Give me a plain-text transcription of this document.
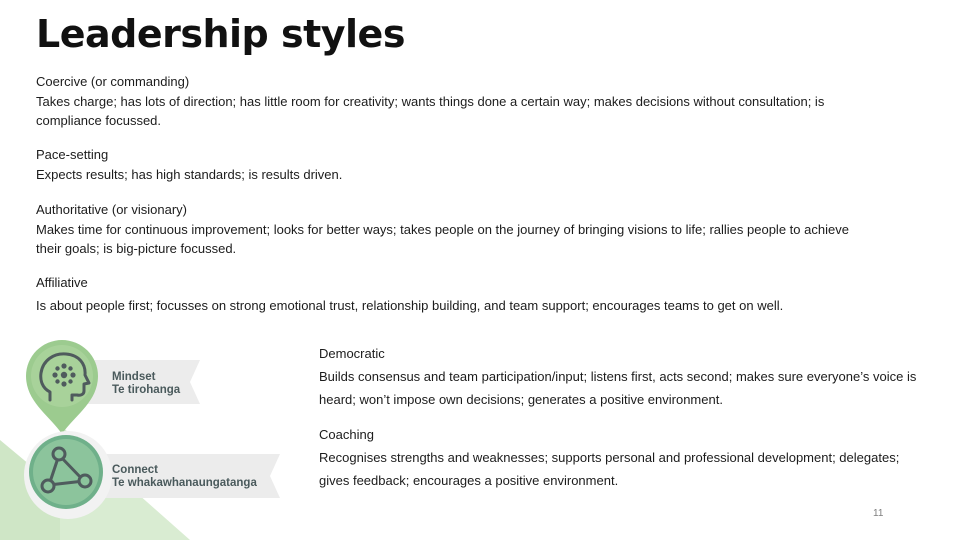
Leadership styles
Coercive (or commanding)
Takes charge; has lots of direction; has little room for creativity; wants things done a certain way; makes decisions without consultation; is compliance focussed.
Pace-setting
Expects results; has high standards; is results driven.
Authoritative (or visionary)
Makes time for continuous improvement; looks for better ways; takes people on the journey of bringing visions to life; rallies people to achieve their goals; is big-picture focussed.
Affiliative
Is about people first; focusses on strong emotional trust, relationship building, and team support; encourages teams to get on well.
Democratic
Builds consensus and team participation/input; listens first, acts second; makes sure everyone’s voice is heard; won’t impose own decisions; generates a positive environment.
Coaching
Recognises strengths and weaknesses; supports personal and professional development; delegates; gives feedback; encourages a positive environment.
Mindset
Te tirohanga
Connect
Te whakawhanaungatanga
11
